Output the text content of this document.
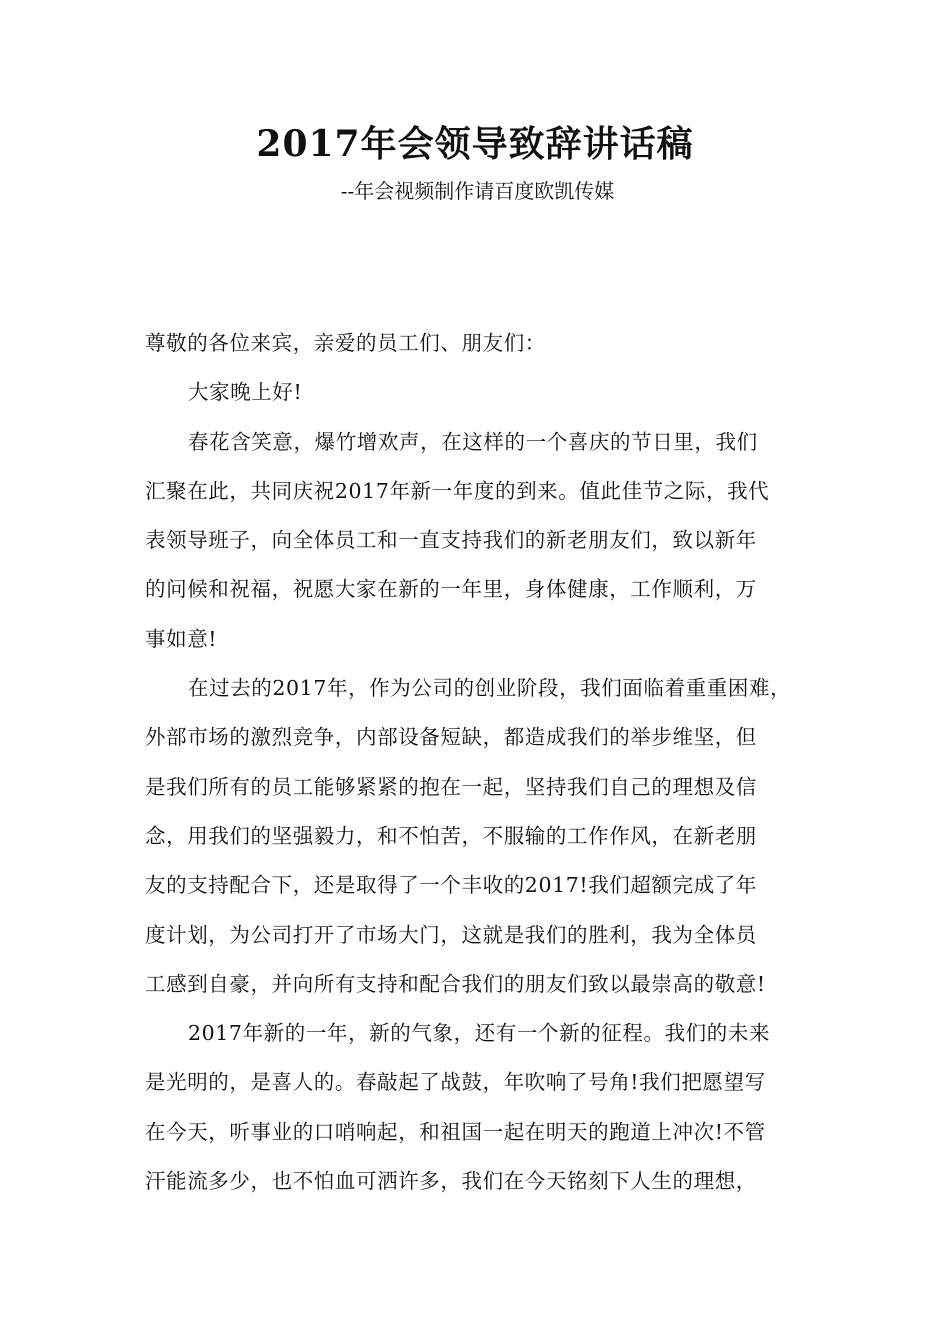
2017年会领导致辞讲话稿
--年会视频制作请百度欧凯传媒
尊敬的各位来宾，亲爱的员工们、朋友们：
大家晚上好!
春花含笑意，爆竹增欢声，在这样的一个喜庆的节日里，我们
汇聚在此，共同庆祝2017年新一年度的到来。值此佳节之际，我代
表领导班子，向全体员工和一直支持我们的新老朋友们，致以新年
的问候和祝福，祝愿大家在新的一年里，身体健康，工作顺利，万
事如意!
在过去的2017年，作为公司的创业阶段，我们面临着重重困难，
外部市场的激烈竞争，内部设备短缺，都造成我们的举步维坚，但
是我们所有的员工能够紧紧的抱在一起，坚持我们自己的理想及信
念，用我们的坚强毅力，和不怕苦，不服输的工作作风，在新老朋
友的支持配合下，还是取得了一个丰收的2017!我们超额完成了年
度计划，为公司打开了市场大门，这就是我们的胜利，我为全体员
工感到自豪，并向所有支持和配合我们的朋友们致以最崇高的敬意!
2017年新的一年，新的气象，还有一个新的征程。我们的未来
是光明的，是喜人的。春敲起了战鼓，年吹响了号角!我们把愿望写
在今天，听事业的口哨响起，和祖国一起在明天的跑道上冲次!不管
汗能流多少，也不怕血可洒许多，我们在今天铭刻下人生的理想，
